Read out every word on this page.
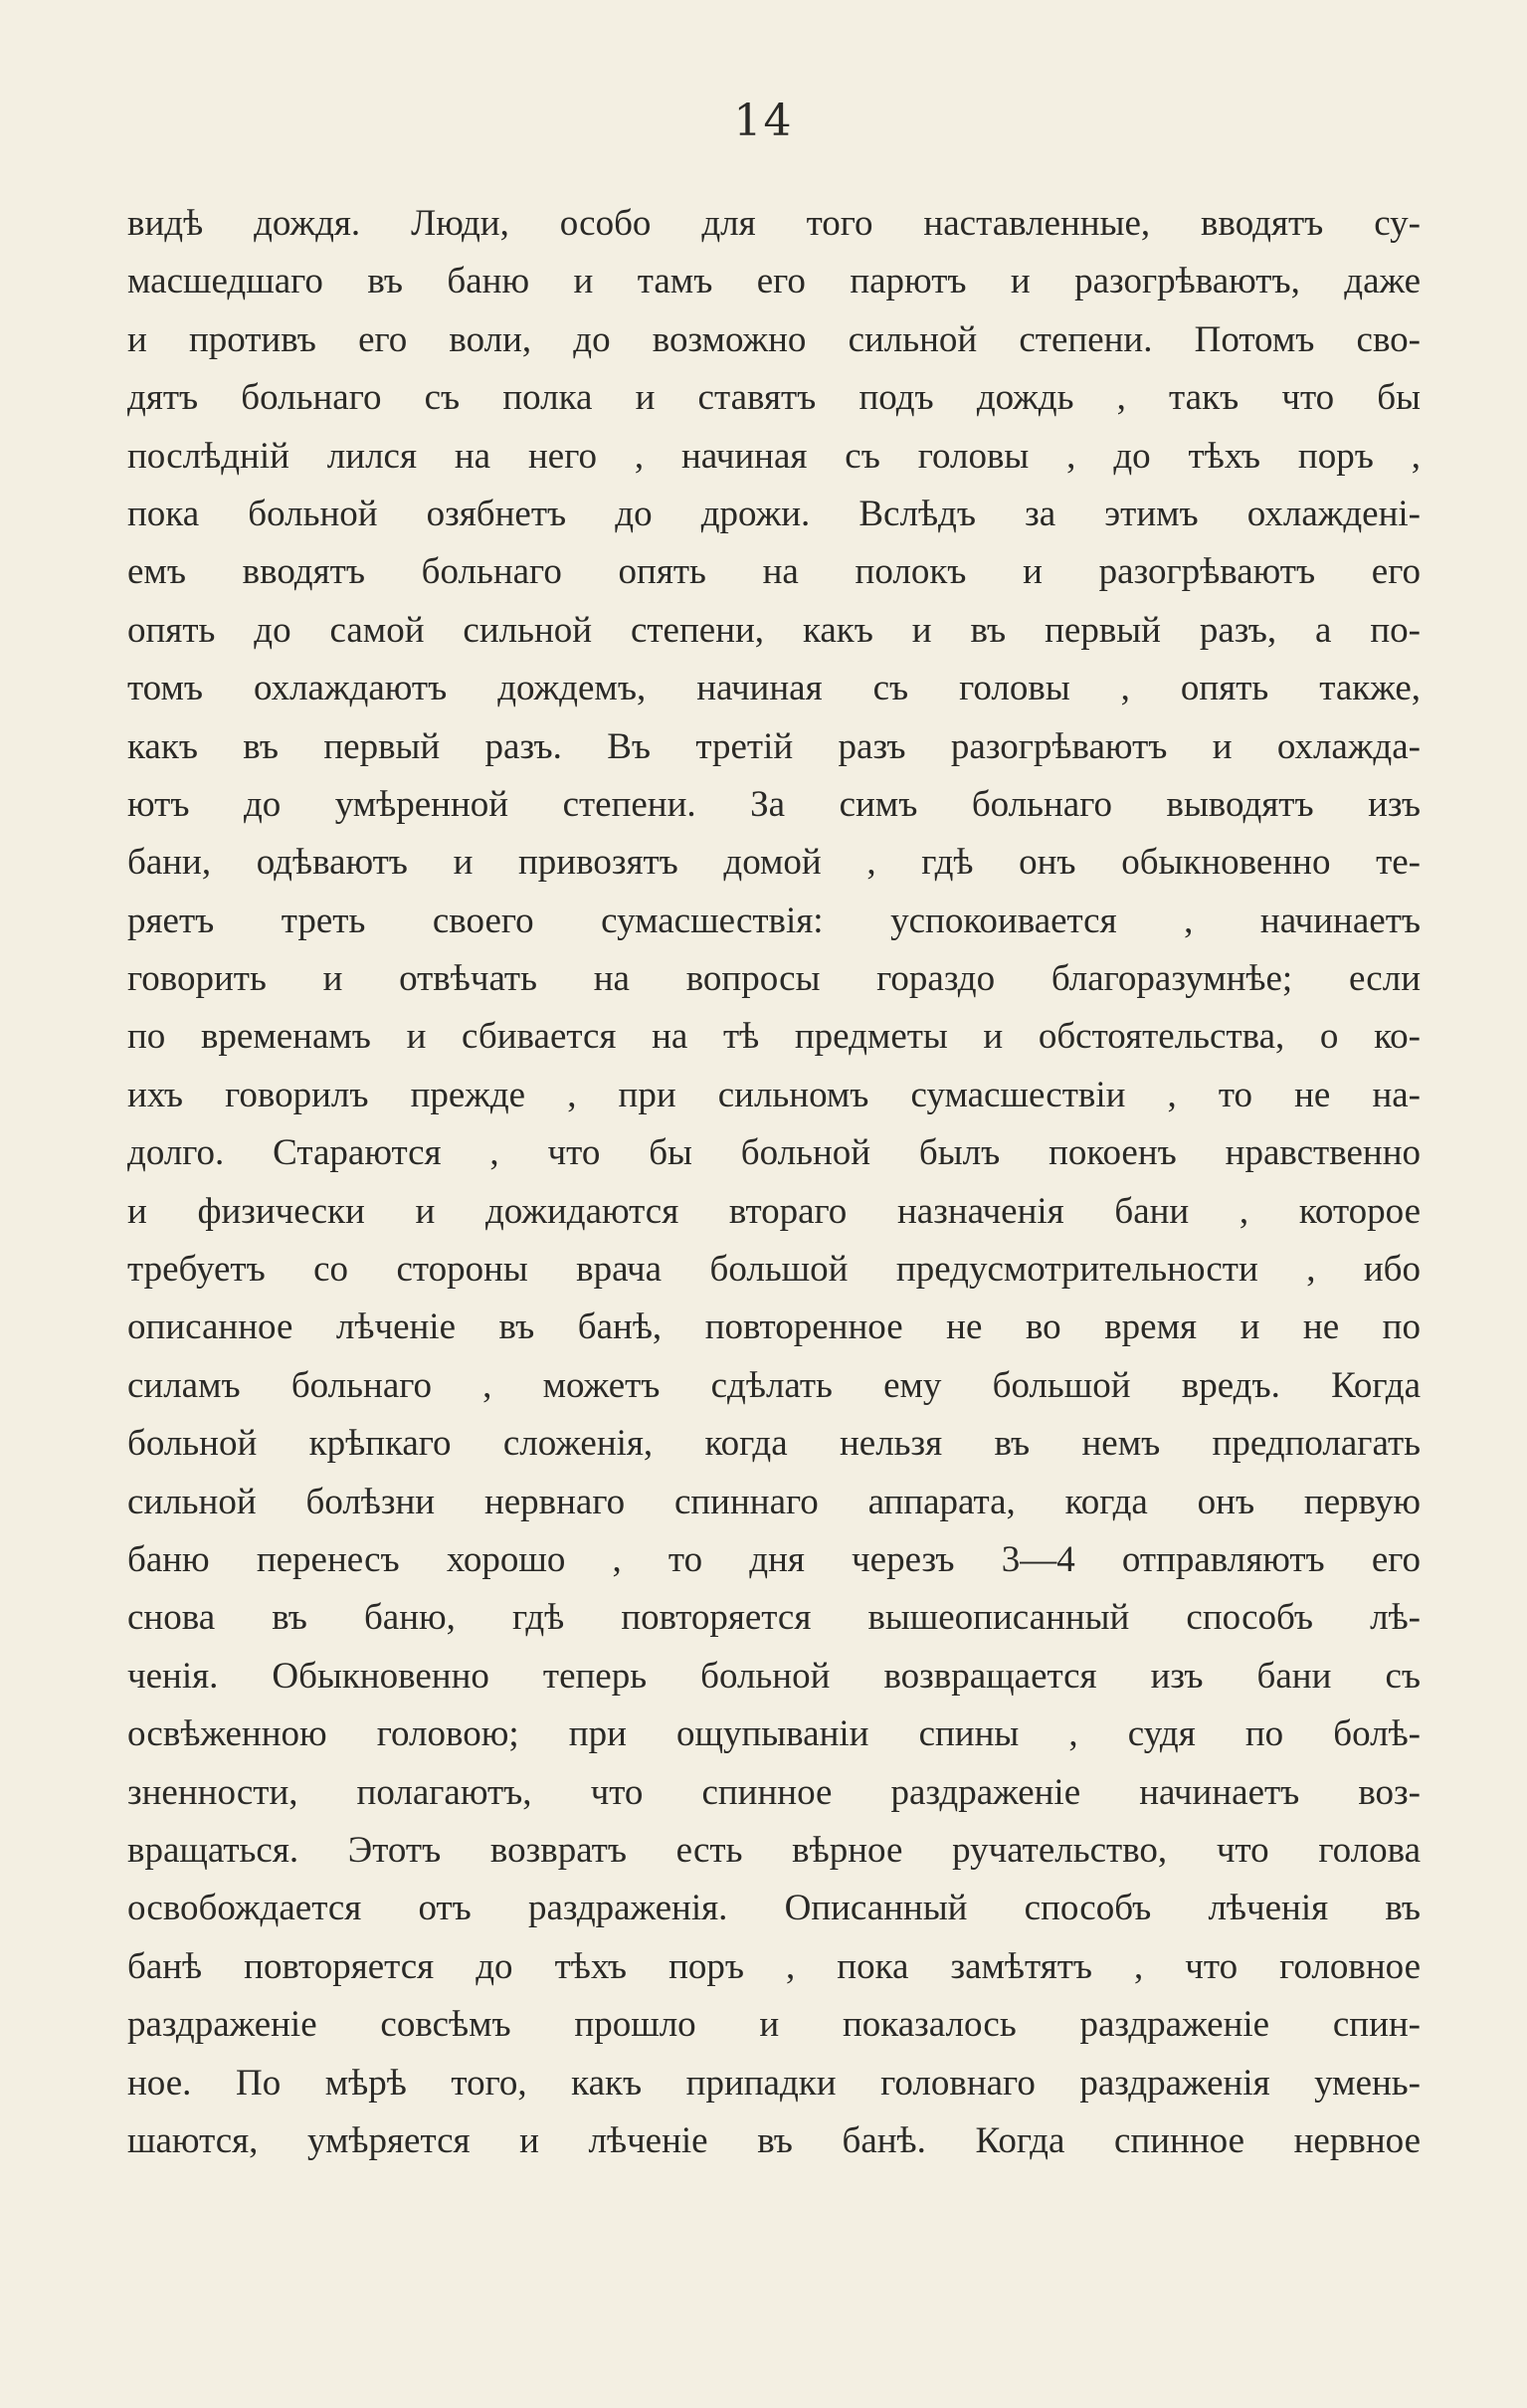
14
видѣ дождя. Люди, особо для того наставленные, вводятъ су-
масшедшаго въ баню и тамъ его парютъ и разогрѣваютъ, даже
и противъ его воли, до возможно сильной степени. Потомъ сво-
дятъ больнаго съ полка и ставятъ подъ дождь , такъ что бы
послѣднiй лился на него , начиная съ головы , до тѣхъ поръ ,
пока больной озябнетъ до дрожи. Вслѣдъ за этимъ охлажденi-
емъ вводятъ больнаго опять на полокъ и разогрѣваютъ его
опять до самой сильной степени, какъ и въ первый разъ, а по-
томъ охлаждаютъ дождемъ, начиная съ головы , опять также,
какъ въ первый разъ. Въ третiй разъ разогрѣваютъ и охлажда-
ютъ до умѣренной степени. За симъ больнаго выводятъ изъ
бани, одѣваютъ и привозятъ домой , гдѣ онъ обыкновенно те-
ряетъ треть своего сумасшествiя: успокоивается , начинаетъ
говорить и отвѣчать на вопросы гораздо благоразумнѣе; если
по временамъ и сбивается на тѣ предметы и обстоятельства, о ко-
ихъ говорилъ прежде , при сильномъ сумасшествiи , то не на-
долго. Стараются , что бы больной былъ покоенъ нравственно
и физически и дожидаются втораго назначенiя бани , которое
требуетъ со стороны врача большой предусмотрительности , ибо
описанное лѣченiе въ банѣ, повторенное не во время и не по
силамъ больнаго , можетъ сдѣлать ему большой вредъ. Когда
больной крѣпкаго сложенiя, когда нельзя въ немъ предполагать
сильной болѣзни нервнаго спиннаго аппарата, когда онъ первую
баню перенесъ хорошо , то дня черезъ 3—4 отправляютъ его
снова въ баню, гдѣ повторяется вышеописанный способъ лѣ-
ченiя. Обыкновенно теперь больной возвращается изъ бани съ
освѣженною головою; при ощупыванiи спины , судя по болѣ-
зненности, полагаютъ, что спинное раздраженiе начинаетъ воз-
вращаться. Этотъ возвратъ есть вѣрное ручательство, что голова
освобождается отъ раздраженiя. Описанный способъ лѣченiя въ
банѣ повторяется до тѣхъ поръ , пока замѣтятъ , что головное
раздраженiе совсѣмъ прошло и показалось раздраженiе спин-
ное. По мѣрѣ того, какъ припадки головнаго раздраженiя умень-
шаются, умѣряется и лѣченiе въ банѣ. Когда спинное нервное
